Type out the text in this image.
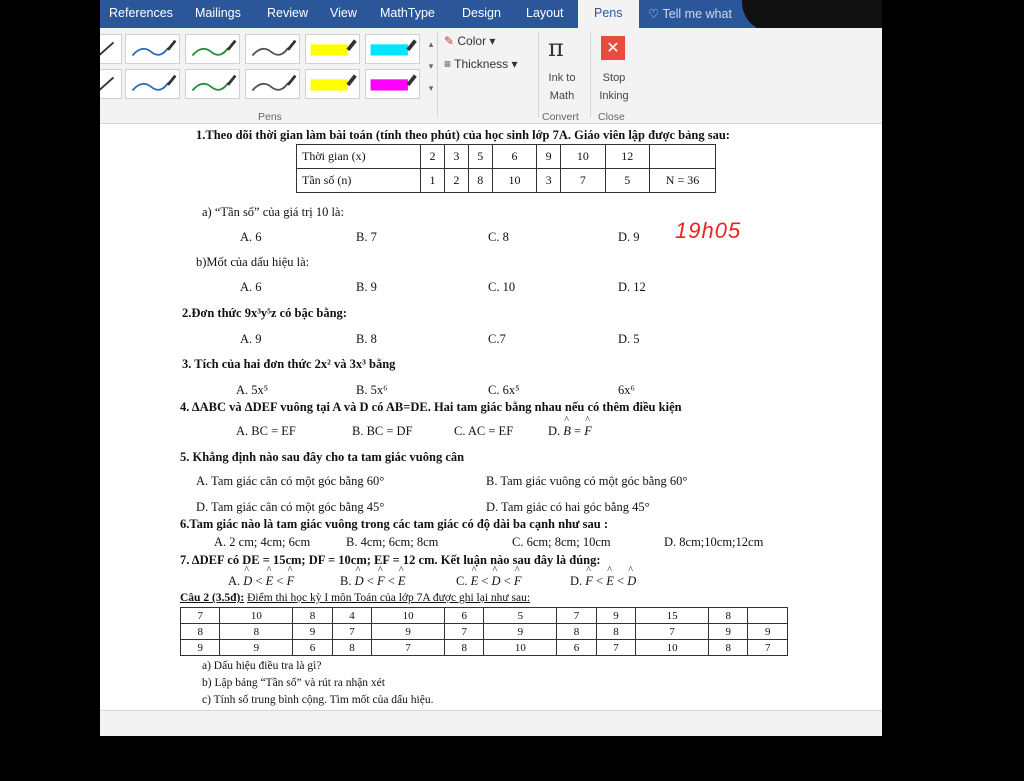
References Mailings Review View MathType Design Layout	Pens	♡ Tell me what
▴
▾
▾
✎ Color ▾
≡ Thickness ▾
π
Ink to
Math
✕
Stop
Inking
Pens	Convert Close
1.Theo dõi thời gian làm bài toán (tính theo phút) của học sinh lớp 7A. Giáo viên lập được bảng sau:
Thời gian (x)	2	3	5	6	9	10	12	
Tần số (n)	1	2	8	10	3	7	5	N = 36
a) “Tần số” của giá trị 10 là:
A. 6	B. 7	C. 8	D. 9 19h05
b)Mốt của dấu hiệu là:
A. 6	B. 9	C. 10	D. 12
2.Đơn thức 9x³y⁵z có bậc bằng:
A. 9	B. 8	C.7	D. 5
3. Tích của hai đơn thức 2x² và 3x³ bằng
A. 5x⁵	B. 5x⁶	C. 6x⁵	6x⁶
4. ΔABC và ΔDEF vuông tại A và D có AB=DE. Hai tam giác bằng nhau nếu có thêm điều kiện
A. BC = EF	B. BC = DF	C. AC = EF	D. ^ B = ^ F
5. Khẳng định nào sau đây cho ta tam giác vuông cân
A. Tam giác cân có một góc bằng 60°	B. Tam giác vuông có một góc bằng 60°
D. Tam giác cân có một góc bằng 45°	D. Tam giác có hai góc bằng 45°
6.Tam giác nào là tam giác vuông trong các tam giác có độ dài ba cạnh như sau :
A. 2 cm; 4cm; 6cm	B. 4cm; 6cm; 8cm	C. 6cm; 8cm; 10cm	D. 8cm;10cm;12cm
7. ΔDEF có DE = 15cm; DF = 10cm; EF = 12 cm. Kết luận nào sau đây là đúng:
A. ^ D < ^ E < ^ F	B. ^ D < ^ F < ^ E	C. ^ E < ^ D < ^ F	D. ^ F < ^ E < ^ D
Câu 2 (3.5đ): Điểm thi học kỳ I môn Toán của lớp 7A được ghi lại như sau:
7	10	8	4	10	6	5	7	9	15	8	
8	8	9	7	9	7	9	8	8	7	9	9
9	9	6	8	7	8	10	6	7	10	8	7
a) Dấu hiệu điều tra là gì?
b) Lập bảng “Tần số” và rút ra nhận xét
c) Tính số trung bình cộng. Tìm mốt của dấu hiệu.
